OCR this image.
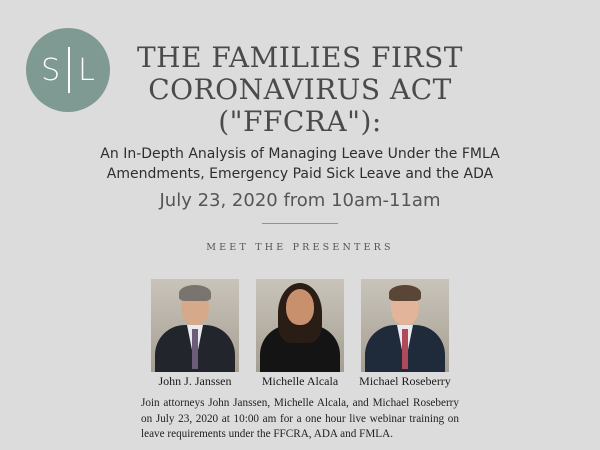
S L	THE FAMILIES FIRST CORONAVIRUS ACT ("FFCRA"):
An In-Depth Analysis of Managing Leave Under the FMLA Amendments, Emergency Paid Sick Leave and the ADA
July 23, 2020 from 10am-11am
MEET THE PRESENTERS
John J. Janssen	Michelle Alcala	Michael Roseberry
Join attorneys John Janssen, Michelle Alcala, and Michael Roseberry on July 23, 2020 at 10:00 am for a one hour live webinar training on leave requirements under the FFCRA, ADA and FMLA.
